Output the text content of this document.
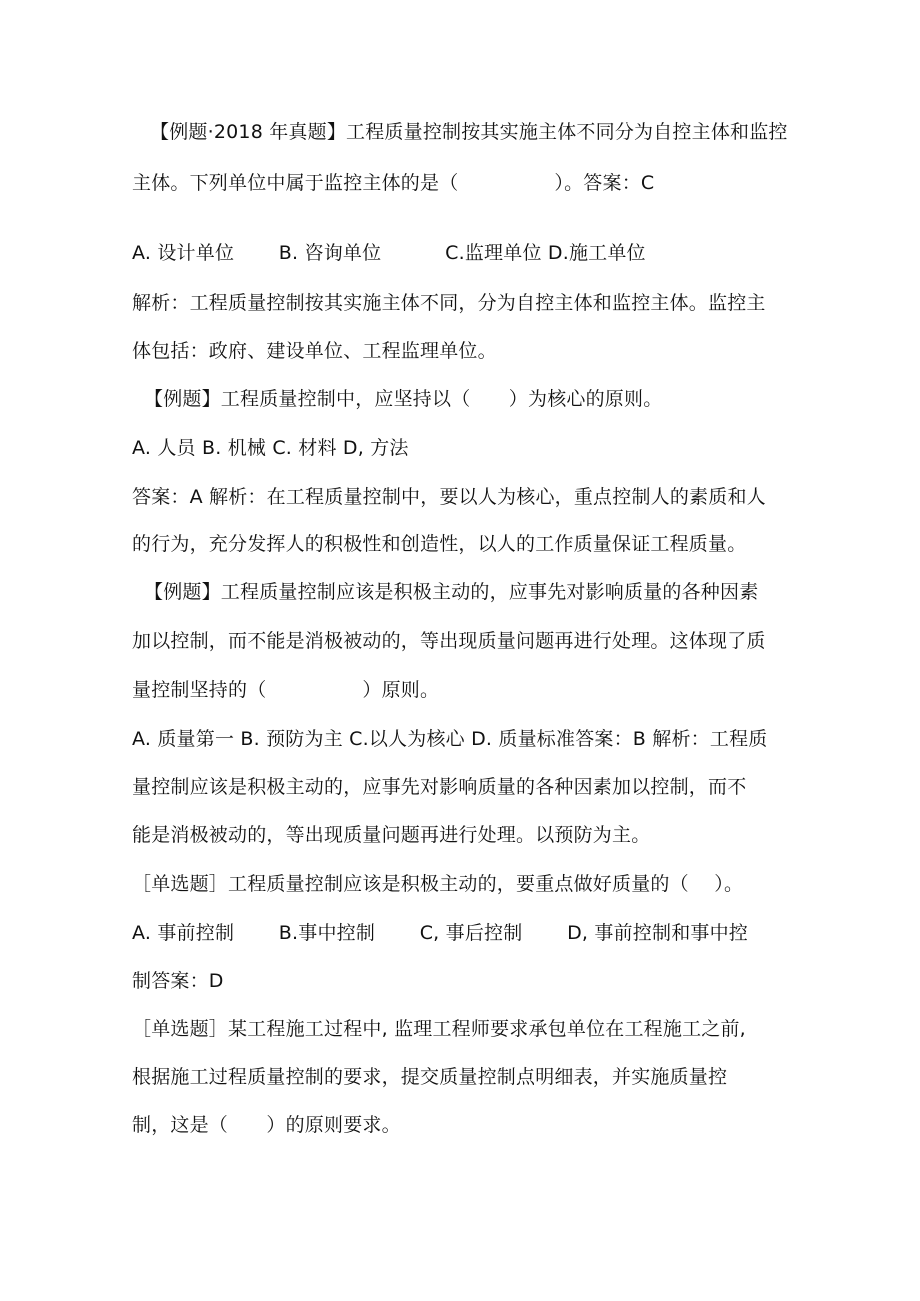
【例题·2018 年真题】工程质量控制按其实施主体不同分为自控主体和监控
主体。下列单位中属于监控主体的是（　　　　　）。答案：C
A. 设计单位　　 B. 咨询单位　　　 C.监理单位 D.施工单位
解析：工程质量控制按其实施主体不同，分为自控主体和监控主体。监控主
体包括：政府、建设单位、工程监理单位。
【例题】工程质量控制中，应坚持以（　　）为核心的原则。
A. 人员 B. 机械 C. 材料 D, 方法
答案：A 解析：在工程质量控制中，要以人为核心，重点控制人的素质和人
的行为，充分发挥人的积极性和创造性，以人的工作质量保证工程质量。
【例题】工程质量控制应该是积极主动的，应事先对影响质量的各种因素
加以控制，而不能是消极被动的，等出现质量问题再进行处理。这体现了质
量控制坚持的（　　　　　）原则。
A. 质量第一 B. 预防为主 C.以人为核心 D. 质量标准答案：B 解析：工程质
量控制应该是积极主动的，应事先对影响质量的各种因素加以控制，而不
能是消极被动的，等出现质量问题再进行处理。以预防为主。
［单选题］工程质量控制应该是积极主动的，要重点做好质量的（　 ）。
A. 事前控制　　 B.事中控制　　 C, 事后控制　　 D, 事前控制和事中控
制答案：D
［单选题］某工程施工过程中, 监理工程师要求承包单位在工程施工之前,
根据施工过程质量控制的要求，提交质量控制点明细表，并实施质量控
制，这是（　　）的原则要求。
